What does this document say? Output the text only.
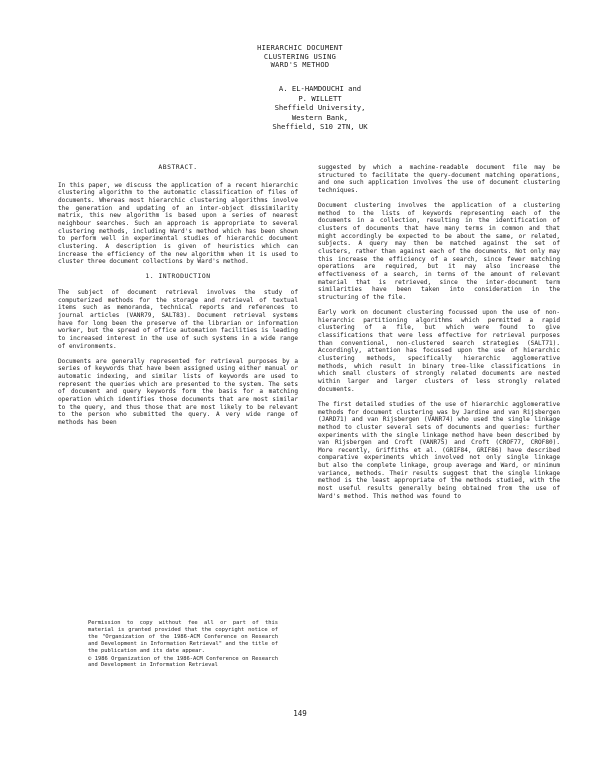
HIERARCHIC DOCUMENT
CLUSTERING USING
WARD'S METHOD
A. EL-HAMDOUCHI and
P. WILLETT
Sheffield University,
Western Bank,
Sheffield, S10 2TN, UK
ABSTRACT.

In this paper, we discuss the application of a recent hierarchic clustering algorithm to the automatic classification of files of documents. Whereas most hierarchic clustering algorithms involve the generation and updating of an inter-object dissimilarity matrix, this new algorithm is based upon a series of nearest neighbour searches. Such an approach is appropriate to several clustering methods, including Ward's method which has been shown to perform well in experimental studies of hierarchic document clustering. A description is given of heuristics which can increase the efficiency of the new algorithm when it is used to cluster three document collections by Ward's method.

1. INTRODUCTION

The subject of document retrieval involves the study of computerized methods for the storage and retrieval of textual items such as memoranda, technical reports and references to journal articles (VANR79, SALT83). Document retrieval systems have for long been the preserve of the librarian or information worker, but the spread of office automation facilities is leading to increased interest in the use of such systems in a wide range of environments.

Documents are generally represented for retrieval purposes by a series of keywords that have been assigned using either manual or automatic indexing, and similar lists of keywords are used to represent the queries which are presented to the system. The sets of document and query keywords form the basis for a matching operation which identifies those documents that are most similar to the query, and thus those that are most likely to be relevant to the person who submitted the query. A very wide range of methods has been

Permission to copy without fee all or part of this material is granted provided that the copyright notice of the "Organization of the 1986-ACM Conference on Research and Development in Information Retrieval" and the title of the publication and its date appear.

© 1986 Organization of the 1986-ACM Conference on Research and Development in Information Retrieval

suggested by which a machine-readable document file may be structured to facilitate the query-document matching operations, and one such application involves the use of document clustering techniques.

Document clustering involves the application of a clustering method to the lists of keywords representing each of the documents in a collection, resulting in the identification of clusters of documents that have many terms in common and that might accordingly be expected to be about the same, or related, subjects. A query may then be matched against the set of clusters, rather than against each of the documents. Not only may this increase the efficiency of a search, since fewer matching operations are required, but it may also increase the effectiveness of a search, in terms of the amount of relevant material that is retrieved, since the inter-document term similarities have been taken into consideration in the structuring of the file.

Early work on document clustering focussed upon the use of non-hierarchic partitioning algorithms which permitted a rapid clustering of a file, but which were found to give classifications that were less effective for retrieval purposes than conventional, non-clustered search strategies (SALT71). Accordingly, attention has focussed upon the use of hierarchic clustering methods, specifically hierarchic agglomerative methods, which result in binary tree-like classifications in which small clusters of strongly related documents are nested within larger and larger clusters of less strongly related documents.

The first detailed studies of the use of hierarchic agglomerative methods for document clustering was by Jardine and van Rijsbergen (JARD71) and van Rijsbergen (VANR74) who used the single linkage method to cluster several sets of documents and queries: further experiments with the single linkage method have been described by van Rijsbergen and Croft (VANR75) and Croft (CROF77, CROF80). More recently, Griffiths et al. (GRIF84, GRIF86) have described comparative experiments which involved not only single linkage but also the complete linkage, group average and Ward, or minimum variance, methods. Their results suggest that the single linkage method is the least appropriate of the methods studied, with the most useful results generally being obtained from the use of Ward's method. This method was found to

149
